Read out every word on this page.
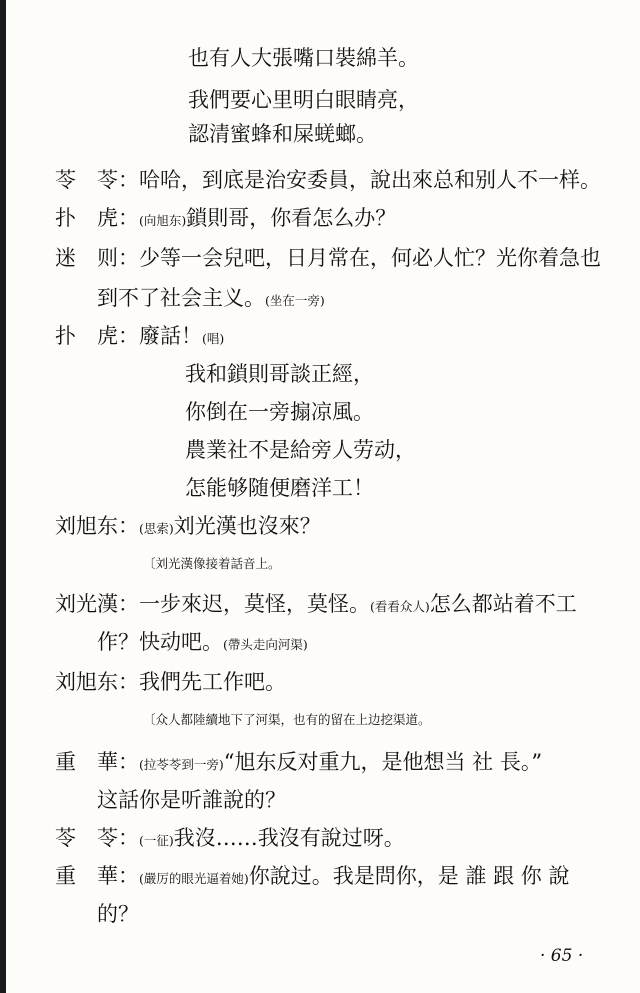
也有人大張嘴口裝綿羊。
我們要心里明白眼睛亮，
認清蜜蜂和屎蜣螂。
苓　苓：哈哈，到底是治安委員，說出來总和别人不一样。
扑　虎：(向旭东)鎖則哥，你看怎么办？
迷　则：少等一会兒吧，日月常在，何必人忙？光你着急也
到不了社会主义。(坐在一旁)
扑　虎：廢話！(唱)
我和鎖則哥談正經，
你倒在一旁搧凉風。
農業社不是給旁人劳动，
怎能够随便磨洋工！
刘旭东：(思索)刘光漢也沒來？
〔刘光漢像接着話音上。
刘光漢：一步來迟，莫怪，莫怪。(看看众人)怎么都站着不工
作？快动吧。(帶头走向河渠)
刘旭东：我們先工作吧。
〔众人都陸續地下了河渠，也有的留在上边挖渠道。
重　華：(拉苓苓到一旁)“旭东反对重九，是他想当 社 長。”
这話你是听誰說的？
苓　苓：(一征)我沒……我沒有說过呀。
重　華：(嚴厉的眼光逼着她)你說过。我是問你，是 誰 跟 你 說
的？
· 65 ·
